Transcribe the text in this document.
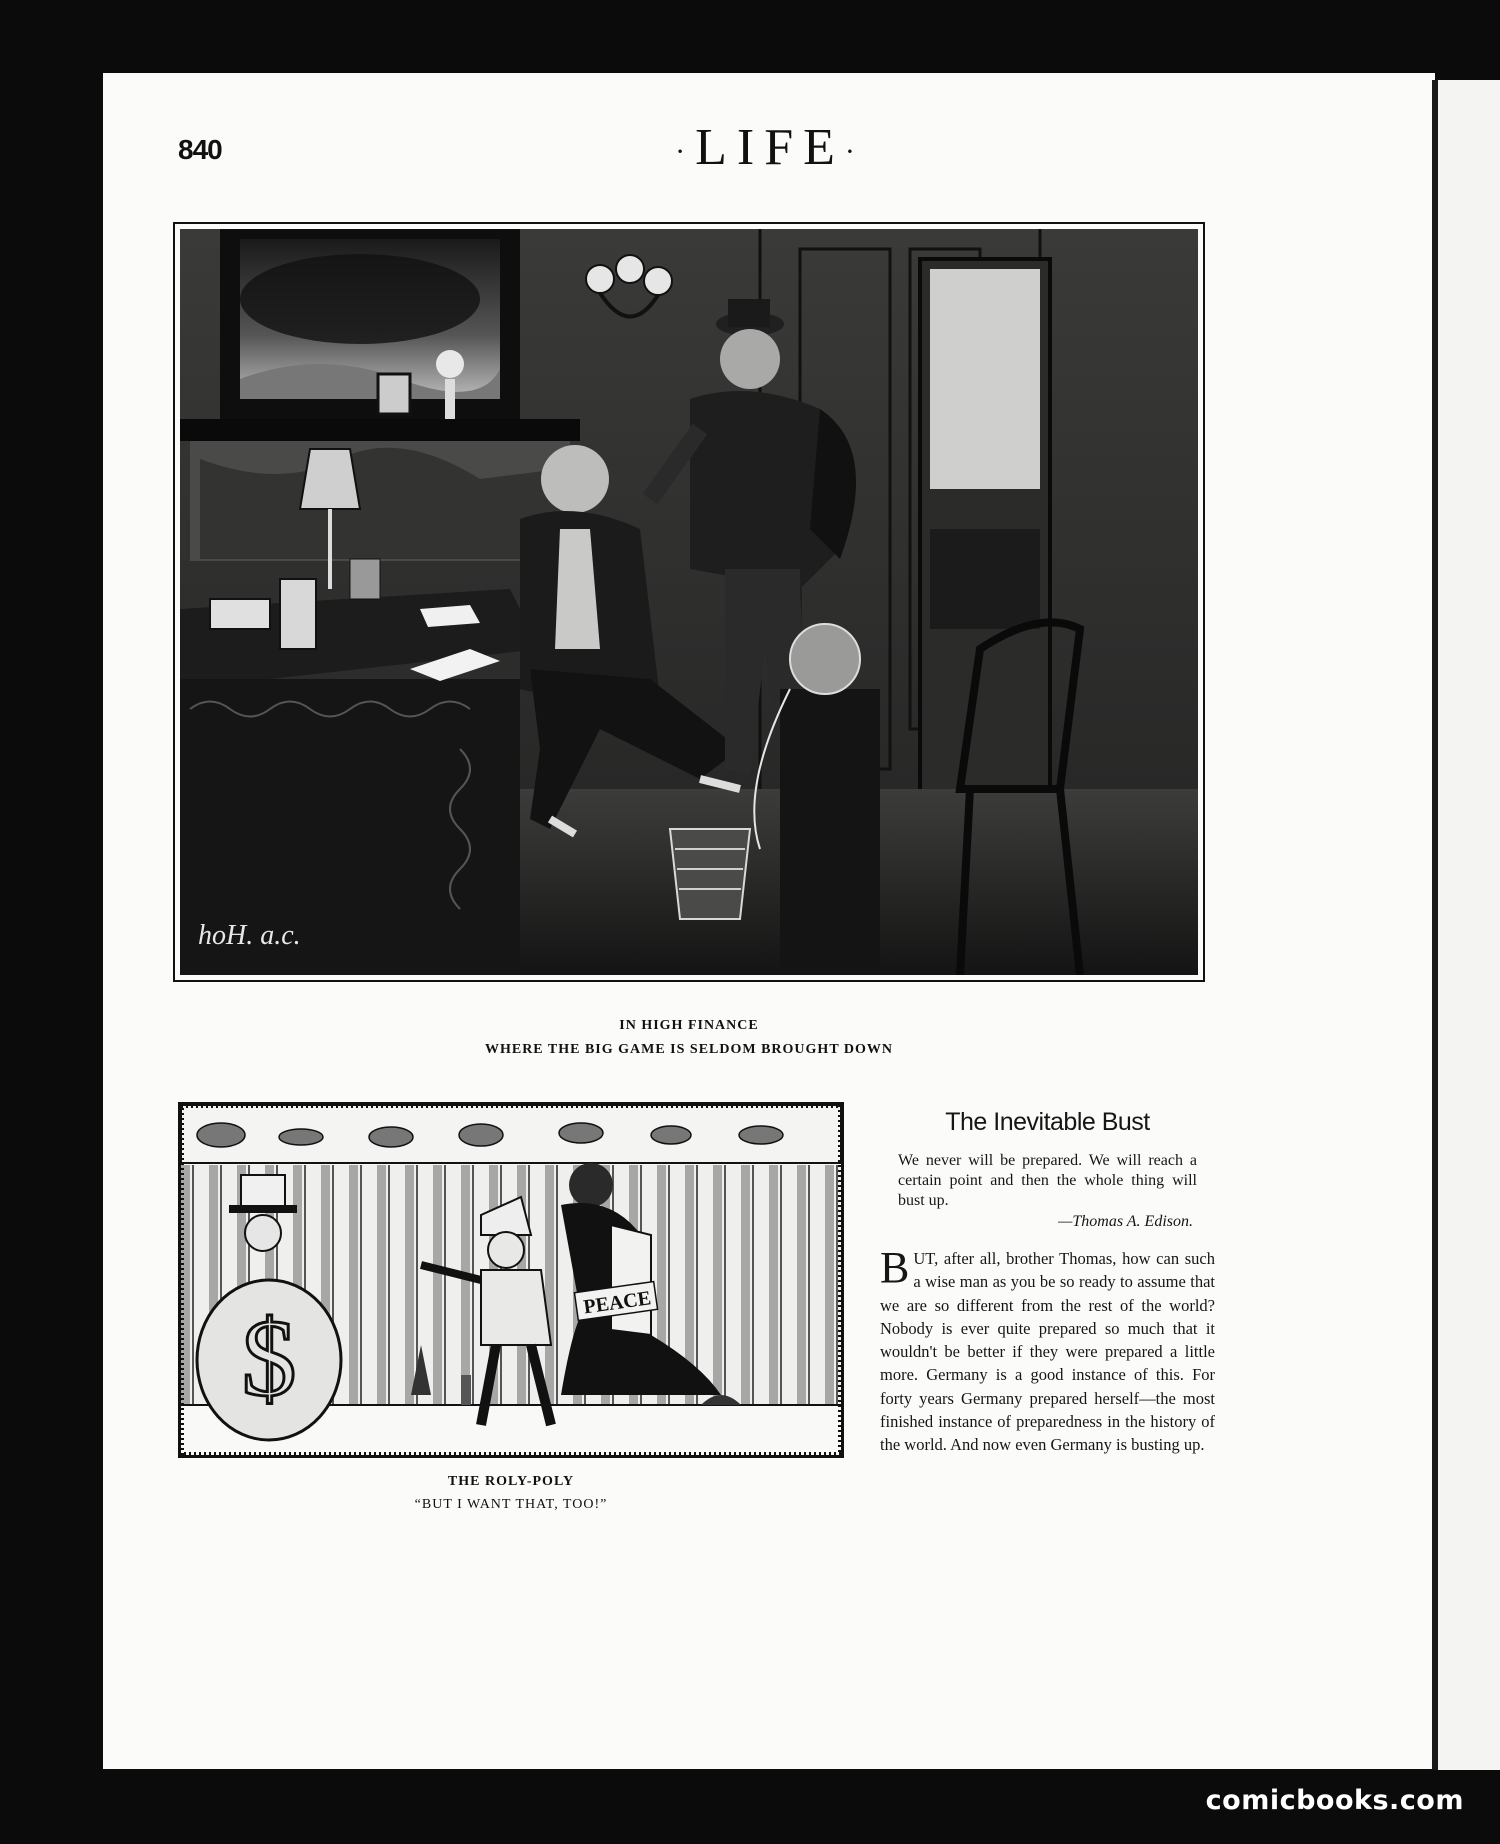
840	·LIFE·
hoH. a.c.
IN HIGH FINANCE
WHERE THE BIG GAME IS SELDOM BROUGHT DOWN
$	PEACE
THE ROLY-POLY
“BUT I WANT THAT, TOO!”
The Inevitable Bust
We never will be prepared. We will reach a certain point and then the whole thing will bust up.
—Thomas A. Edison.
BUT, after all, brother Thomas, how can such a wise man as you be so ready to assume that we are so different from the rest of the world? Nobody is ever quite prepared so much that it wouldn't be better if they were prepared a little more. Germany is a good instance of this. For forty years Germany prepared herself—the most finished instance of preparedness in the history of the world. And now even Germany is busting up.
comicbooks.com
